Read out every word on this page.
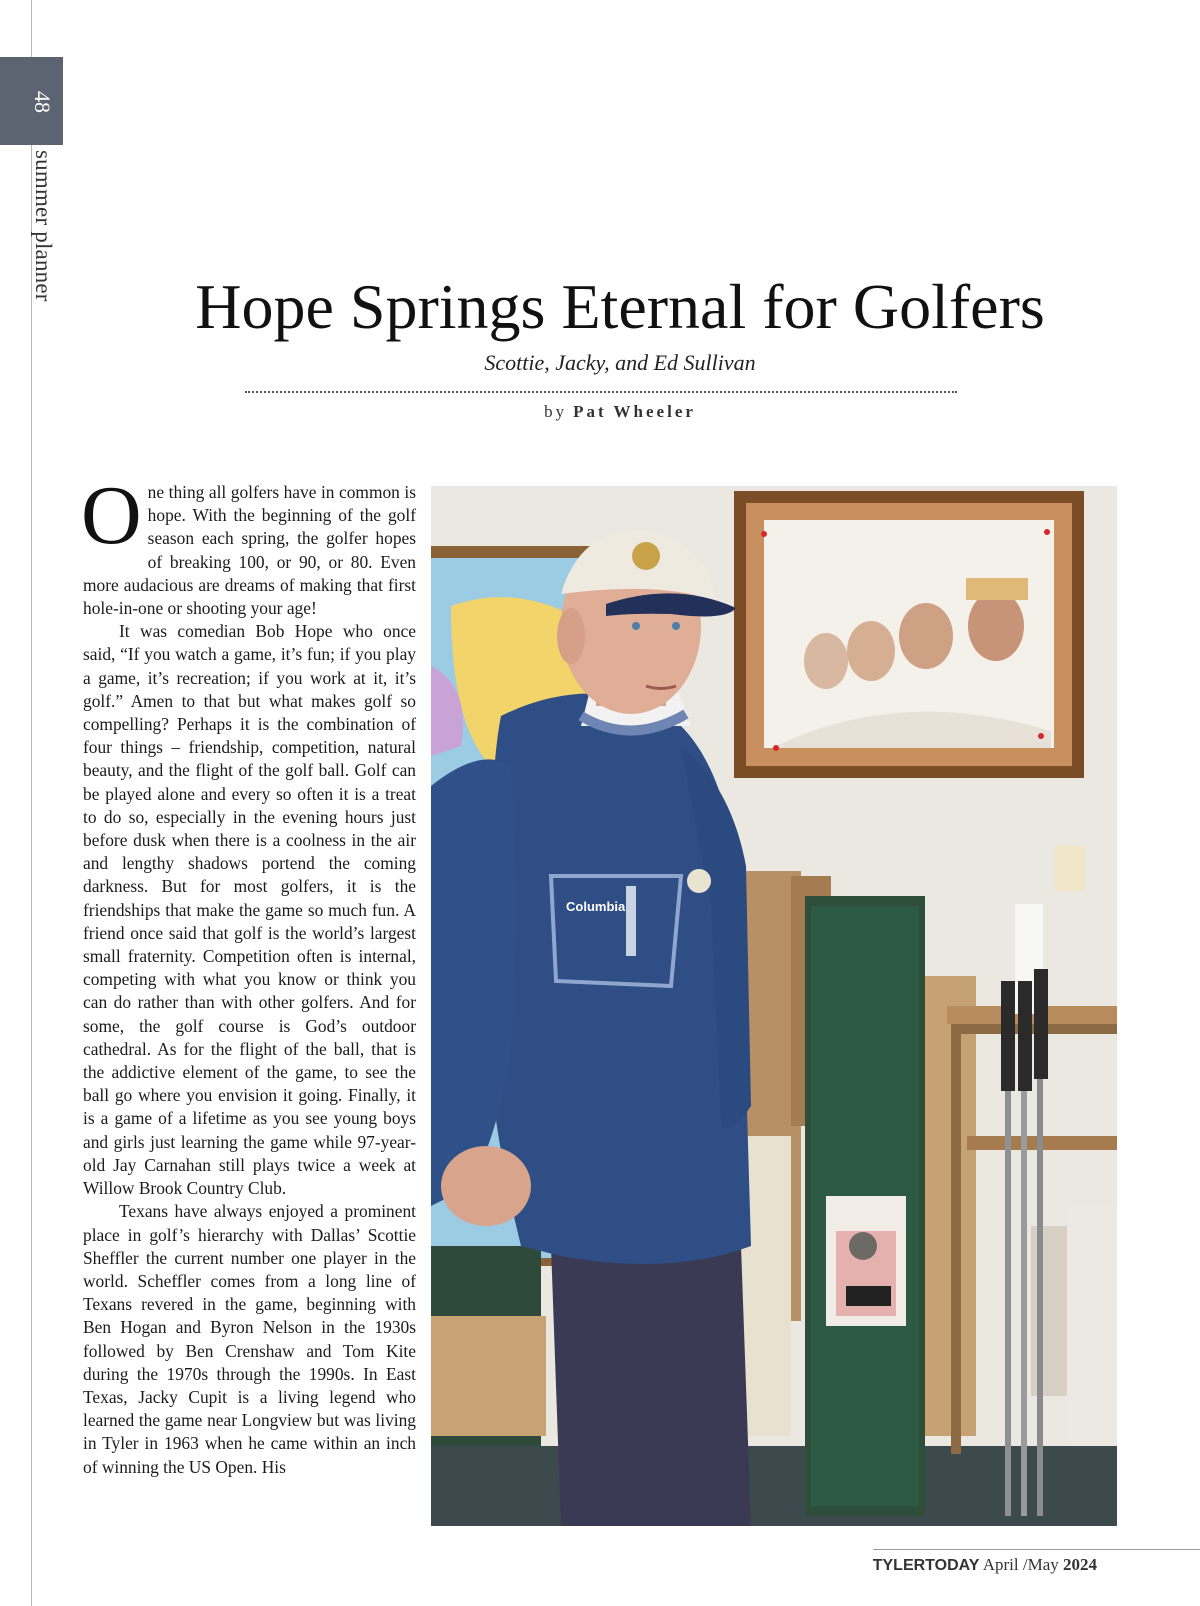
48
summer planner
Hope Springs Eternal for Golfers
Scottie, Jacky, and Ed Sullivan
by Pat Wheeler

One thing all golfers have in common is hope. With the beginning of the golf season each spring, the golfer hopes of breaking 100, or 90, or 80. Even more audacious are dreams of making that first hole-in-one or shooting your age!

It was comedian Bob Hope who once said, “If you watch a game, it’s fun; if you play a game, it’s recreation; if you work at it, it’s golf.” Amen to that but what makes golf so compelling? Perhaps it is the combination of four things – friendship, competition, natural beauty, and the flight of the golf ball. Golf can be played alone and every so often it is a treat to do so, especially in the evening hours just before dusk when there is a coolness in the air and lengthy shadows portend the coming darkness. But for most golfers, it is the friendships that make the game so much fun. A friend once said that golf is the world’s largest small fraternity. Competition often is internal, competing with what you know or think you can do rather than with other golfers. And for some, the golf course is God’s outdoor cathedral. As for the flight of the ball, that is the addictive element of the game, to see the ball go where you envision it going. Finally, it is a game of a lifetime as you see young boys and girls just learning the game while 97-year-old Jay Carnahan still plays twice a week at Willow Brook Country Club.

Texans have always enjoyed a prominent place in golf’s hierarchy with Dallas’ Scottie Sheffler the current number one player in the world. Scheffler comes from a long line of Texans revered in the game, beginning with Ben Hogan and Byron Nelson in the 1930s followed by Ben Crenshaw and Tom Kite during the 1970s through the 1990s. In East Texas, Jacky Cupit is a living legend who learned the game near Longview but was living in Tyler in 1963 when he came within an inch of winning the US Open. His

Columbia
TYLERTODAY April /May 2024
